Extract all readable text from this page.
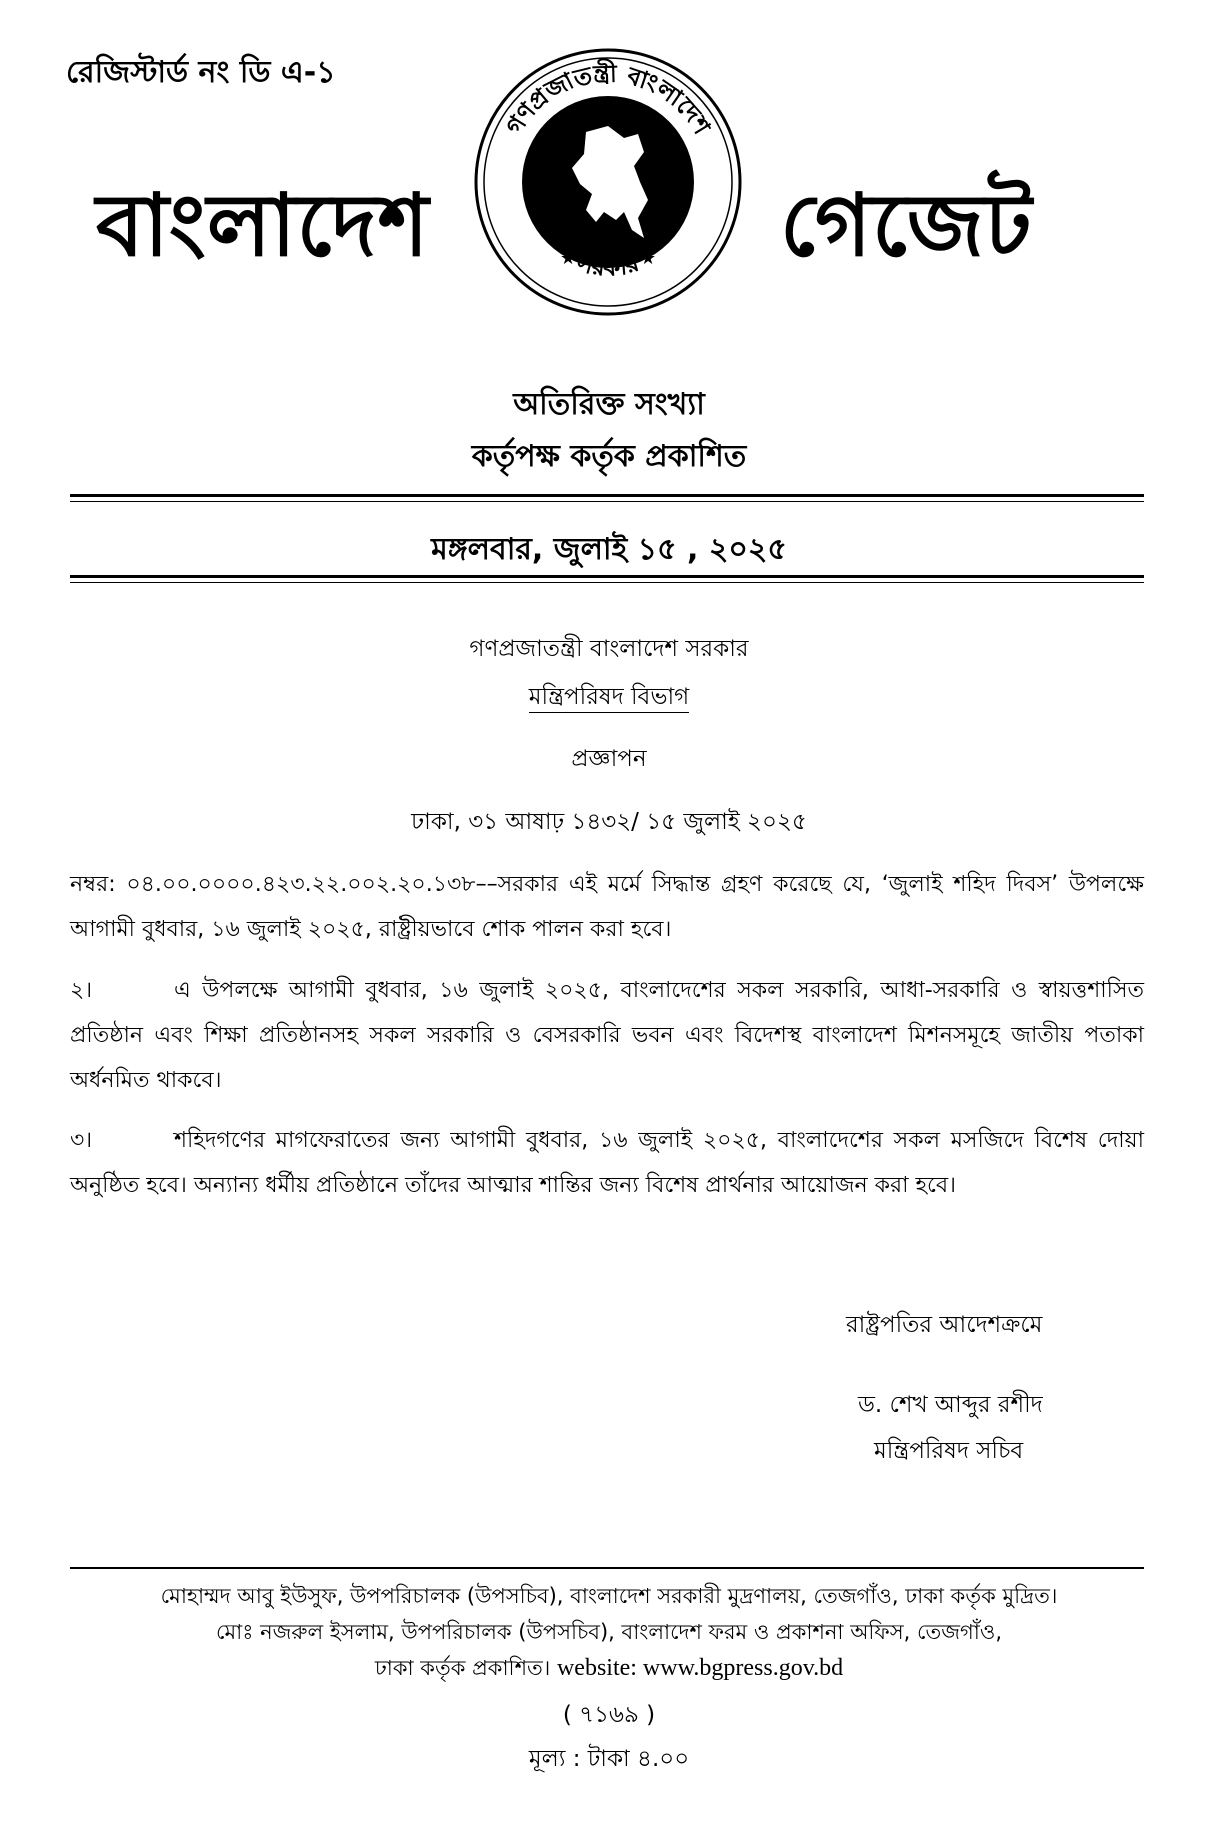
রেজিস্টার্ড নং ডি এ-১
বাংলাদেশ
গণপ্রজাতন্ত্রী বাংলাদেশ
★	★
★	★
সরকার গেজেট
অতিরিক্ত সংখ্যা
কর্তৃপক্ষ কর্তৃক প্রকাশিত
মঙ্গলবার, জুলাই ১৫ , ২০২৫
গণপ্রজাতন্ত্রী বাংলাদেশ সরকার
মন্ত্রিপরিষদ বিভাগ
প্রজ্ঞাপন
ঢাকা, ৩১ আষাঢ় ১৪৩২/ ১৫ জুলাই ২০২৫
নম্বর: ০৪.০০.০০০০.৪২৩.২২.০০২.২০.১৩৮––সরকার এই মর্মে সিদ্ধান্ত গ্রহণ করেছে যে, ‘জুলাই শহিদ দিবস’ উপলক্ষে আগামী বুধবার, ১৬ জুলাই ২০২৫, রাষ্ট্রীয়ভাবে শোক পালন করা হবে।
২।	এ উপলক্ষে আগামী বুধবার, ১৬ জুলাই ২০২৫, বাংলাদেশের সকল সরকারি, আধা-সরকারি ও স্বায়ত্তশাসিত প্রতিষ্ঠান এবং শিক্ষা প্রতিষ্ঠানসহ সকল সরকারি ও বেসরকারি ভবন এবং বিদেশস্থ বাংলাদেশ মিশনসমূহে জাতীয় পতাকা অর্ধনমিত থাকবে।
৩।	শহিদগণের মাগফেরাতের জন্য আগামী বুধবার, ১৬ জুলাই ২০২৫, বাংলাদেশের সকল মসজিদে বিশেষ দোয়া অনুষ্ঠিত হবে। অন্যান্য ধর্মীয় প্রতিষ্ঠানে তাঁদের আত্মার শান্তির জন্য বিশেষ প্রার্থনার আয়োজন করা হবে।
রাষ্ট্রপতির আদেশক্রমে
ড. শেখ আব্দুর রশীদ
মন্ত্রিপরিষদ সচিব
মোহাম্মদ আবু ইউসুফ, উপপরিচালক (উপসচিব), বাংলাদেশ সরকারী মুদ্রণালয়, তেজগাঁও, ঢাকা কর্তৃক মুদ্রিত।
মোঃ নজরুল ইসলাম, উপপরিচালক (উপসচিব), বাংলাদেশ ফরম ও প্রকাশনা অফিস, তেজগাঁও,
ঢাকা কর্তৃক প্রকাশিত। website: www.bgpress.gov.bd
( ৭১৬৯ )
মূল্য : টাকা ৪.০০
